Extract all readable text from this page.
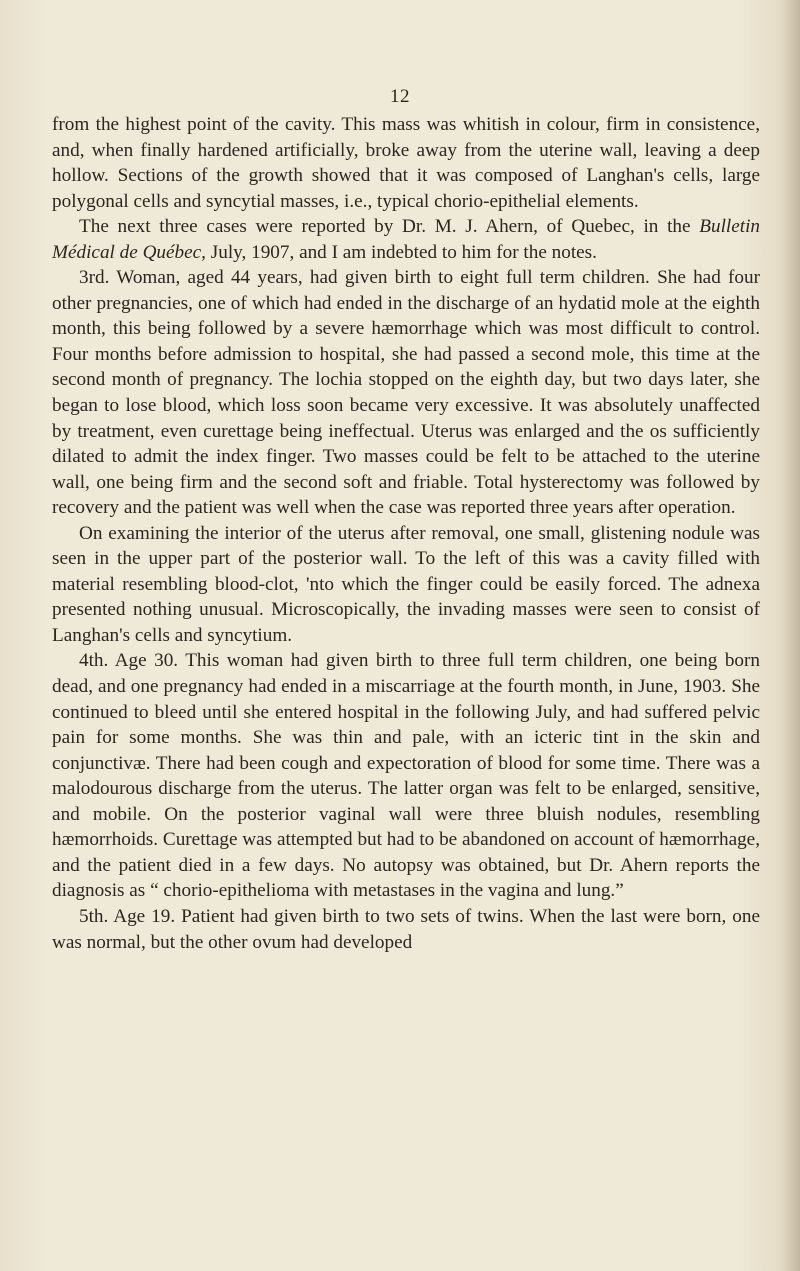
12

from the highest point of the cavity. This mass was whitish in colour, firm in consistence, and, when finally hardened artificially, broke away from the uterine wall, leaving a deep hollow. Sections of the growth showed that it was composed of Langhan's cells, large polygonal cells and syncytial masses, i.e., typical chorio-epithelial elements.

The next three cases were reported by Dr. M. J. Ahern, of Quebec, in the Bulletin Médical de Québec, July, 1907, and I am indebted to him for the notes.

3rd. Woman, aged 44 years, had given birth to eight full term children. She had four other pregnancies, one of which had ended in the discharge of an hydatid mole at the eighth month, this being followed by a severe hæmorrhage which was most difficult to control. Four months before admission to hospital, she had passed a second mole, this time at the second month of pregnancy. The lochia stopped on the eighth day, but two days later, she began to lose blood, which loss soon became very excessive. It was absolutely unaffected by treatment, even curettage being ineffectual. Uterus was enlarged and the os sufficiently dilated to admit the index finger. Two masses could be felt to be attached to the uterine wall, one being firm and the second soft and friable. Total hysterectomy was followed by recovery and the patient was well when the case was reported three years after operation.

On examining the interior of the uterus after removal, one small, glistening nodule was seen in the upper part of the posterior wall. To the left of this was a cavity filled with material resembling blood-clot, 'nto which the finger could be easily forced. The adnexa presented nothing unusual. Microscopically, the invading masses were seen to consist of Langhan's cells and syncytium.

4th. Age 30. This woman had given birth to three full term children, one being born dead, and one pregnancy had ended in a miscarriage at the fourth month, in June, 1903. She continued to bleed until she entered hospital in the following July, and had suffered pelvic pain for some months. She was thin and pale, with an icteric tint in the skin and conjunctivæ. There had been cough and expectoration of blood for some time. There was a malodourous discharge from the uterus. The latter organ was felt to be enlarged, sensitive, and mobile. On the posterior vaginal wall were three bluish nodules, resembling hæmorrhoids. Curettage was attempted but had to be abandoned on account of hæmorrhage, and the patient died in a few days. No autopsy was obtained, but Dr. Ahern reports the diagnosis as “ chorio-epithelioma with metastases in the vagina and lung.”

5th. Age 19. Patient had given birth to two sets of twins. When the last were born, one was normal, but the other ovum had developed
